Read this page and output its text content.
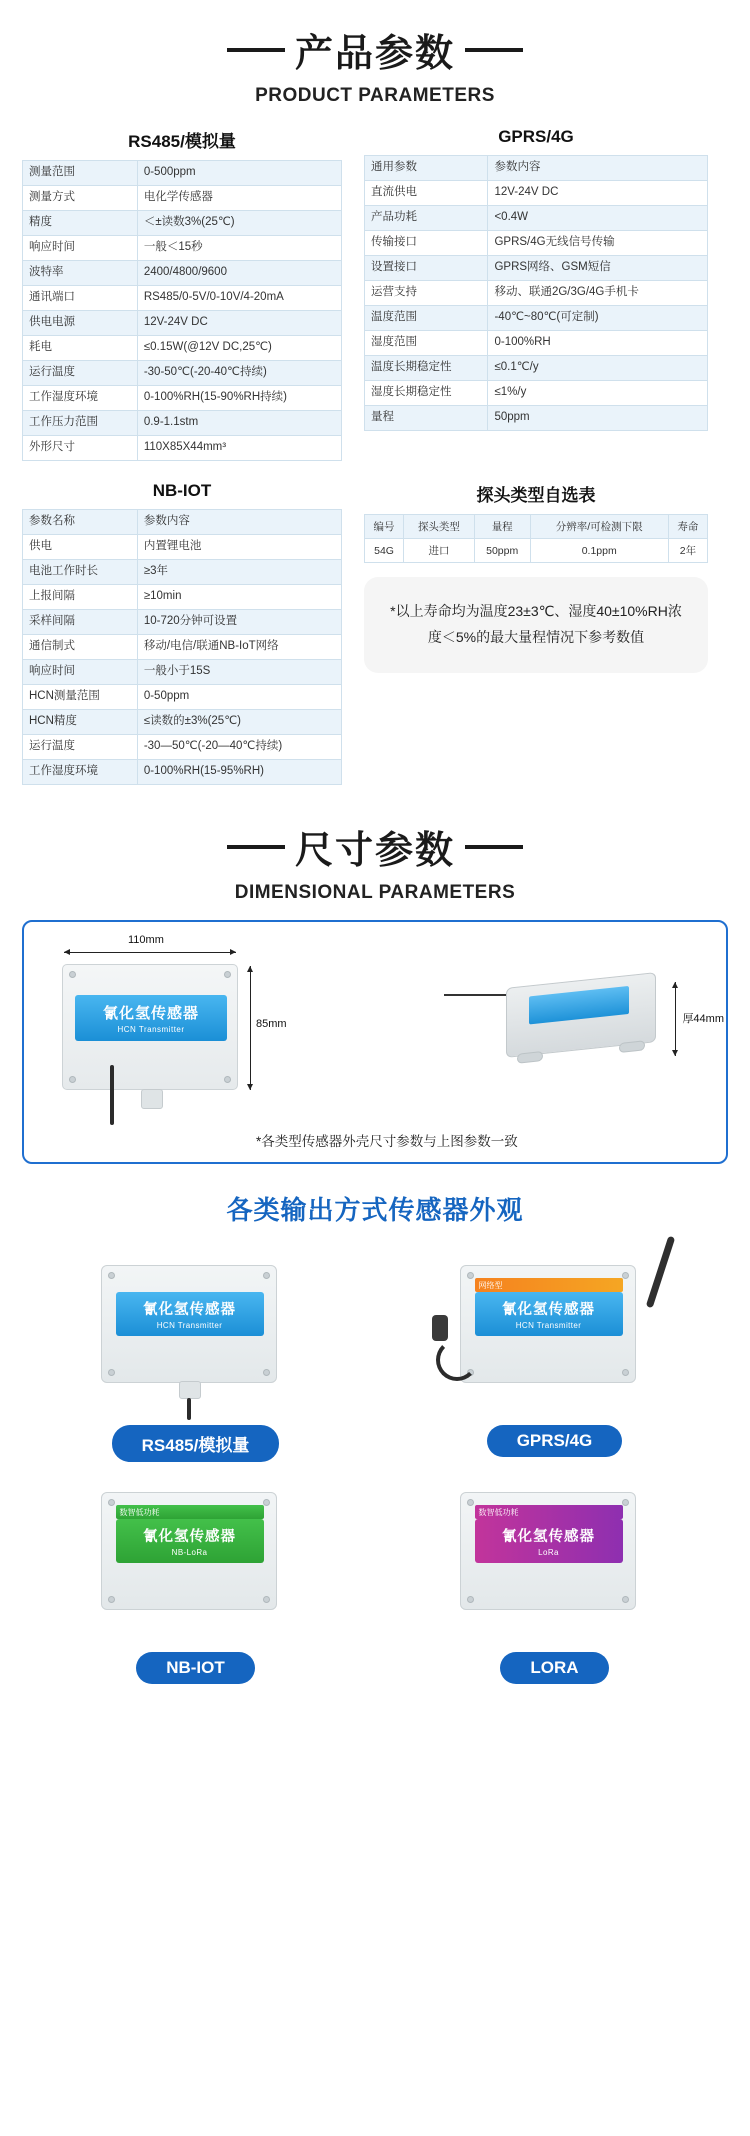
产品参数
PRODUCT PARAMETERS
RS485/模拟量
测量范围	0-500ppm
测量方式	电化学传感器
精度	＜±读数3%(25℃)
响应时间	一般＜15秒
波特率	2400/4800/9600
通讯端口	RS485/0-5V/0-10V/4-20mA
供电电源	12V-24V DC
耗电	≤0.15W(@12V DC,25℃)
运行温度	-30-50℃(-20-40℃持续)
工作湿度环境	0-100%RH(15-90%RH持续)
工作压力范围	0.9-1.1stm
外形尺寸	110X85X44mm³
GPRS/4G
通用参数	参数内容
直流供电	12V-24V DC
产品功耗	<0.4W
传输接口	GPRS/4G无线信号传输
设置接口	GPRS网络、GSM短信
运营支持	移动、联通2G/3G/4G手机卡
温度范围	-40℃~80℃(可定制)
湿度范围	0-100%RH
温度长期稳定性	≤0.1℃/y
湿度长期稳定性	≤1%/y
量程	50ppm
NB-IOT
参数名称	参数内容
供电	内置锂电池
电池工作时长	≥3年
上报间隔	≥10min
采样间隔	10-720分钟可设置
通信制式	移动/电信/联通NB-IoT网络
响应时间	一般小于15S
HCN测量范围	0-50ppm
HCN精度	≤读数的±3%(25℃)
运行温度	-30—50℃(-20—40℃持续)
工作湿度环境	0-100%RH(15-95%RH)
探头类型自选表
编号	探头类型	量程	分辨率/可检测下限	寿命
54G	进口	50ppm	0.1ppm	2年
*以上寿命均为温度23±3℃、湿度40±10%RH浓度＜5%的最大量程情况下参考数值
尺寸参数
DIMENSIONAL PARAMETERS
110mm
氰化氢传感器
HCN Transmitter	85mm	厚44mm
*各类型传感器外壳尺寸参数与上图参数一致
各类输出方式传感器外观
氰化氢传感器
HCN Transmitter
RS485/模拟量
网络型
氰化氢传感器
HCN Transmitter
GPRS/4G
数智低功耗
氰化氢传感器
NB-LoRa
NB-IOT
数智低功耗
氰化氢传感器
LoRa
LORA
